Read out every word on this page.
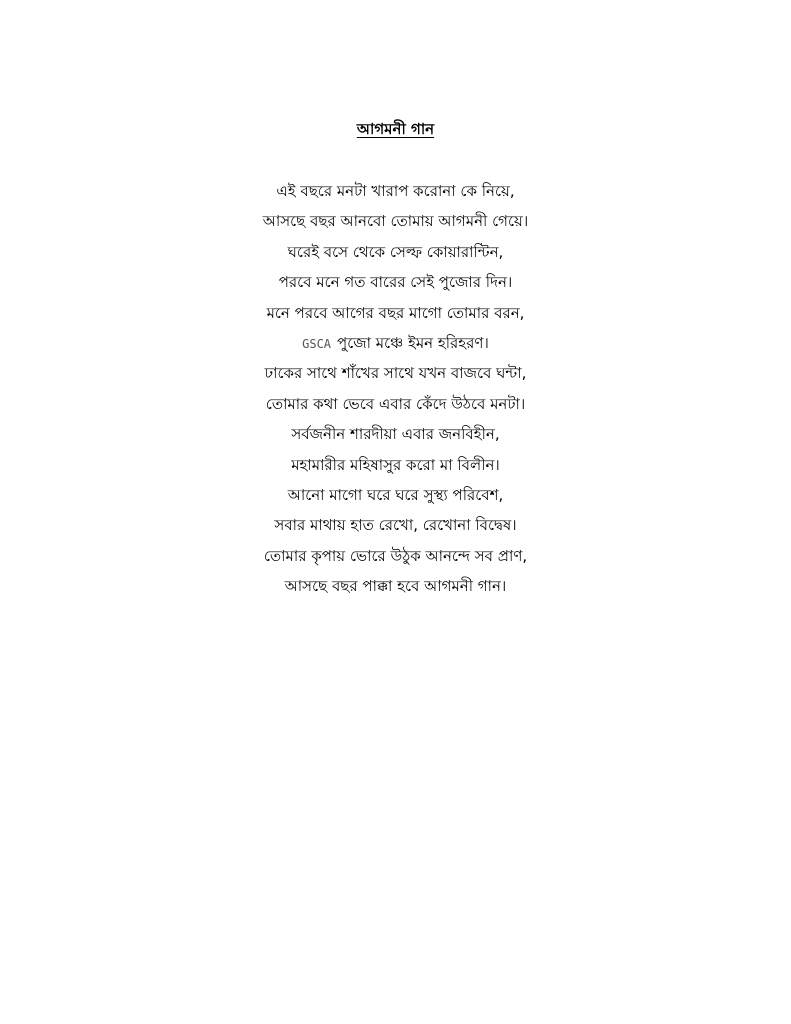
আগমনী গান
এই বছরে মনটা খারাপ করোনা কে নিয়ে,
আসছে বছর আনবো তোমায় আগমনী গেয়ে।
ঘরেই বসে থেকে সেল্ফ কোয়ারান্টিন,
পরবে মনে গত বারের সেই পুজোর দিন।
মনে পরবে আগের বছর মাগো তোমার বরন,
GSCA পুজো মঞ্চে ইমন হরিহরণ।
ঢাকের সাথে শাঁখের সাথে যখন বাজবে ঘন্টা,
তোমার কথা ভেবে এবার কেঁদে উঠবে মনটা।
সর্বজনীন শারদীয়া এবার জনবিহীন,
মহামারীর মহিষাসুর করো মা বিলীন।
আনো মাগো ঘরে ঘরে সুস্থ্য পরিবেশ,
সবার মাথায় হাত রেখো, রেখোনা বিদ্বেষ।
তোমার কৃপায় ভোরে উঠুক আনন্দে সব প্রাণ,
আসছে বছর পাক্কা হবে আগমনী গান।
